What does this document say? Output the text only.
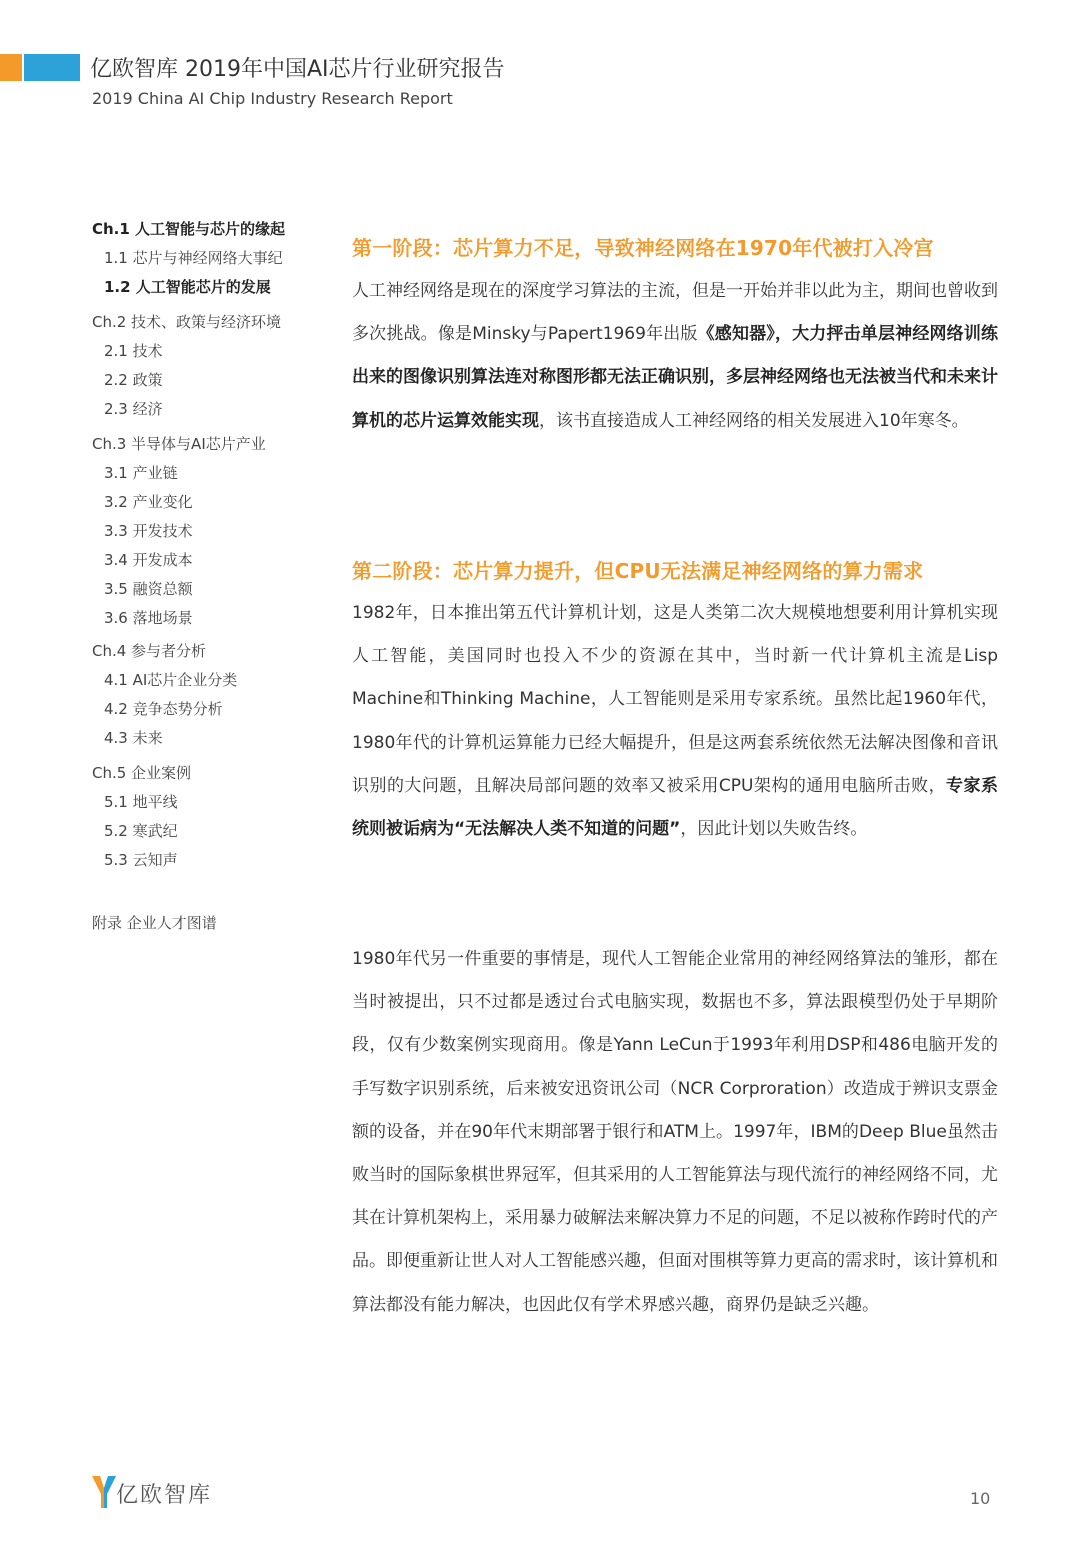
亿欧智库 2019年中国AI芯片行业研究报告
2019 China AI Chip Industry Research Report
Ch.1 人工智能与芯片的缘起
1.1 芯片与神经网络大事纪
1.2 人工智能芯片的发展
Ch.2 技术、政策与经济环境
2.1 技术
2.2 政策
2.3 经济
Ch.3 半导体与AI芯片产业
3.1 产业链
3.2 产业变化
3.3 开发技术
3.4 开发成本
3.5 融资总额
3.6 落地场景
Ch.4 参与者分析
4.1 AI芯片企业分类
4.2 竞争态势分析
4.3 未来
Ch.5 企业案例
5.1 地平线
5.2 寒武纪
5.3 云知声
附录 企业人才图谱
第一阶段：芯片算力不足，导致神经网络在1970年代被打入冷宫
人工神经网络是现在的深度学习算法的主流，但是一开始并非以此为主，期间也曾收到多次挑战。像是Minsky与Papert1969年出版《感知器》，大力抨击单层神经网络训练出来的图像识别算法连对称图形都无法正确识别，多层神经网络也无法被当代和未来计算机的芯片运算效能实现，该书直接造成人工神经网络的相关发展进入10年寒冬。
第二阶段：芯片算力提升，但CPU无法满足神经网络的算力需求
1982年，日本推出第五代计算机计划，这是人类第二次大规模地想要利用计算机实现人工智能，美国同时也投入不少的资源在其中，当时新一代计算机主流是Lisp Machine和Thinking Machine，人工智能则是采用专家系统。虽然比起1960年代，1980年代的计算机运算能力已经大幅提升，但是这两套系统依然无法解决图像和音讯识别的大问题，且解决局部问题的效率又被采用CPU架构的通用电脑所击败，专家系统则被诟病为“无法解决人类不知道的问题”，因此计划以失败告终。
1980年代另一件重要的事情是，现代人工智能企业常用的神经网络算法的雏形，都在当时被提出，只不过都是透过台式电脑实现，数据也不多，算法跟模型仍处于早期阶段，仅有少数案例实现商用。像是Yann LeCun于1993年利用DSP和486电脑开发的手写数字识别系统，后来被安迅资讯公司（NCR Corproration）改造成于辨识支票金额的设备，并在90年代末期部署于银行和ATM上。1997年，IBM的Deep Blue虽然击败当时的国际象棋世界冠军，但其采用的人工智能算法与现代流行的神经网络不同，尤其在计算机架构上，采用暴力破解法来解决算力不足的问题，不足以被称作跨时代的产品。即便重新让世人对人工智能感兴趣，但面对围棋等算力更高的需求时，该计算机和算法都没有能力解决，也因此仅有学术界感兴趣，商界仍是缺乏兴趣。
亿欧智库	10
